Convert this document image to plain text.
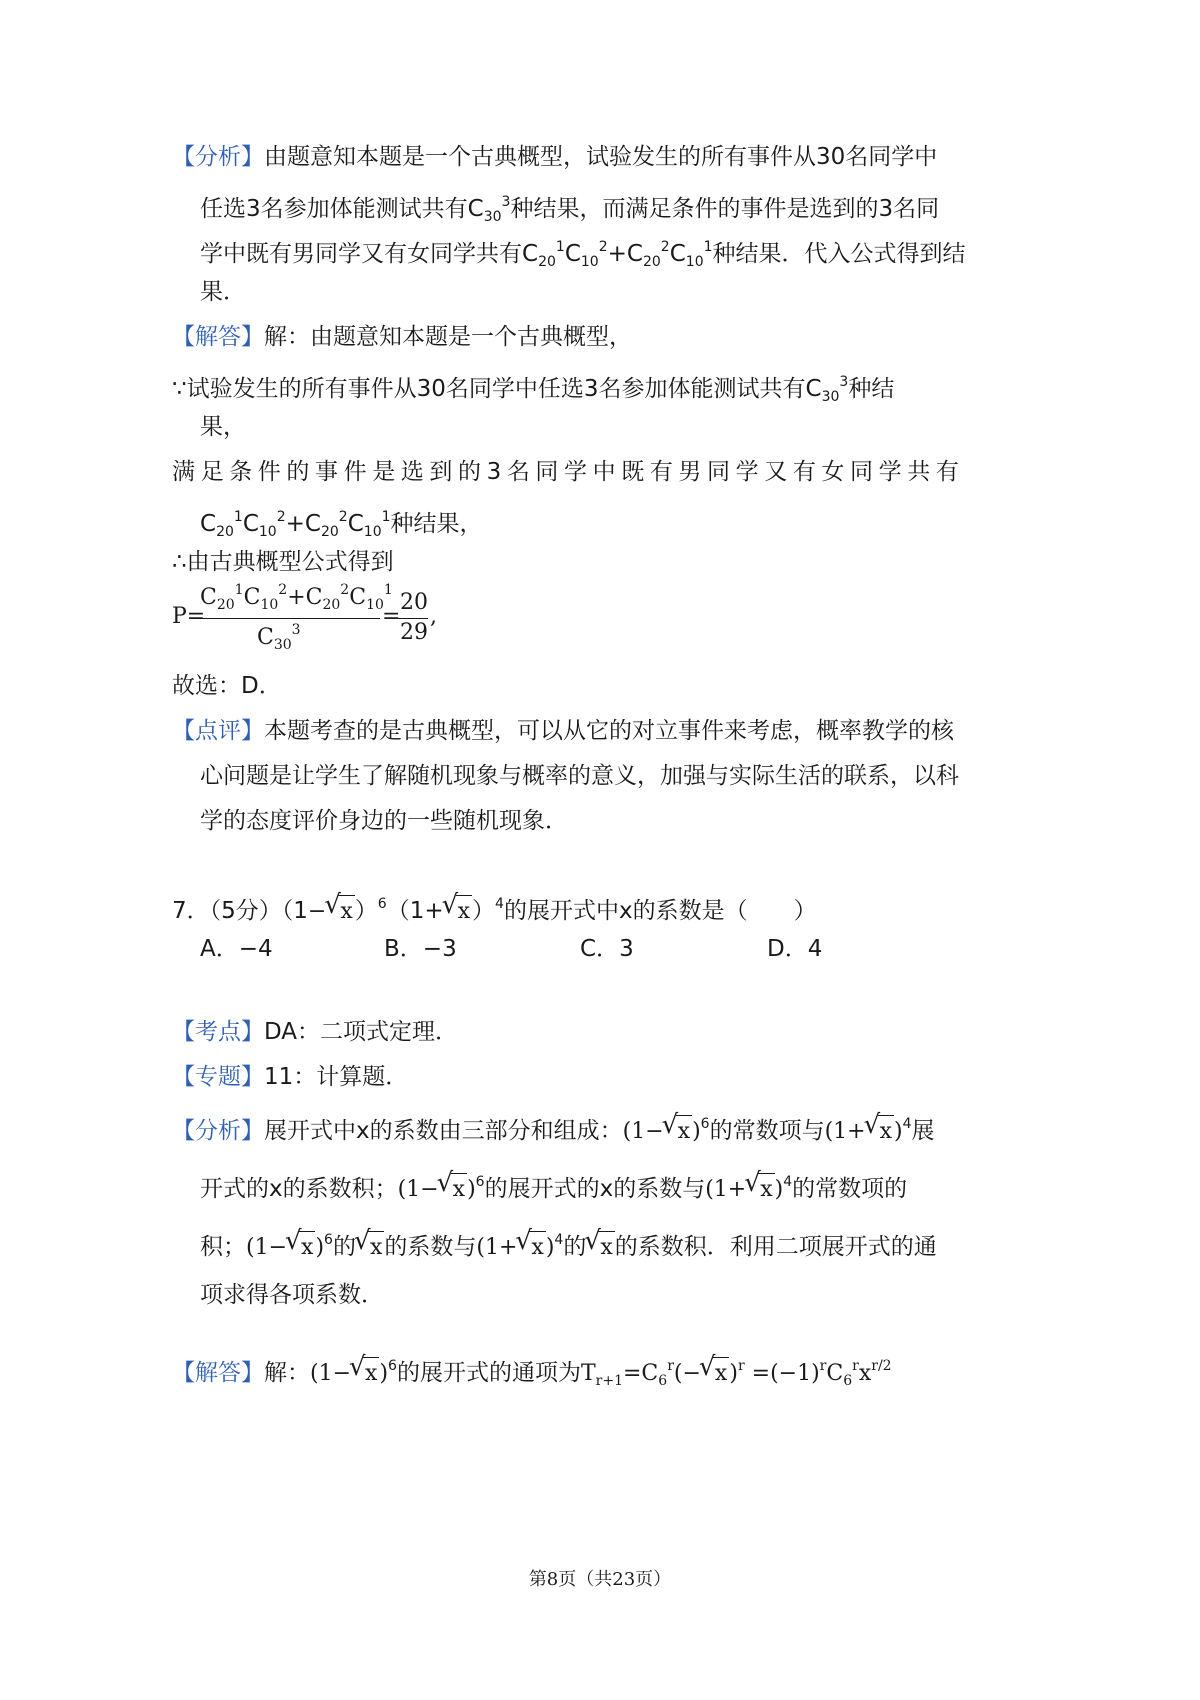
【分析】由题意知本题是一个古典概型，试验发生的所有事件从30名同学中
任选3名参加体能测试共有$C_{30}^3$种结果，而满足条件的事件是选到的3名同
学中既有男同学又有女同学共有$C_{20}^1C_{10}^2+C_{20}^2C_{10}^1$种结果．代入公式得到结
果．
【解答】解：由题意知本题是一个古典概型，
∵试验发生的所有事件从30名同学中任选3名参加体能测试共有$C_{30}^3$种结
果，
满足条件的事件是选到的3名同学中既有男同学又有女同学共有
$C_{20}^1C_{10}^2+C_{20}^2C_{10}^1$种结果，
∴由古典概型公式得到
P=
$C_{20}^1C_{10}^2+C_{20}^2C_{10}^1$
$C_{30}^3$
=
20
29
,
故选：D．
【点评】本题考查的是古典概型，可以从它的对立事件来考虑，概率教学的核
心问题是让学生了解随机现象与概率的意义，加强与实际生活的联系，以科
学的态度评价身边的一些随机现象．
7．（5分）（1−√ x）$^6$（1+√ x）$^4$的展开式中x的系数是（　　）
A．−4	B．−3	C．3	D．4
【考点】DA：二项式定理．
【专题】11：计算题．
【分析】展开式中x的系数由三部分和组成：(1−√ x)$^6$的常数项与(1+√ x)$^4$展
开式的x的系数积；(1−√ x)$^6$的展开式的x的系数与(1+√ x)$^4$的常数项的
积；(1−√ x)$^6$的√ x的系数与(1+√ x)$^4$的√ x的系数积．利用二项展开式的通
项求得各项系数．
【解答】解：(1−√ x)$^6$的展开式的通项为$T_{r+1}=C_6^r(-√$ $x)^r =(-1)^rC_6^rx^{r/2}$
第8页（共23页）
